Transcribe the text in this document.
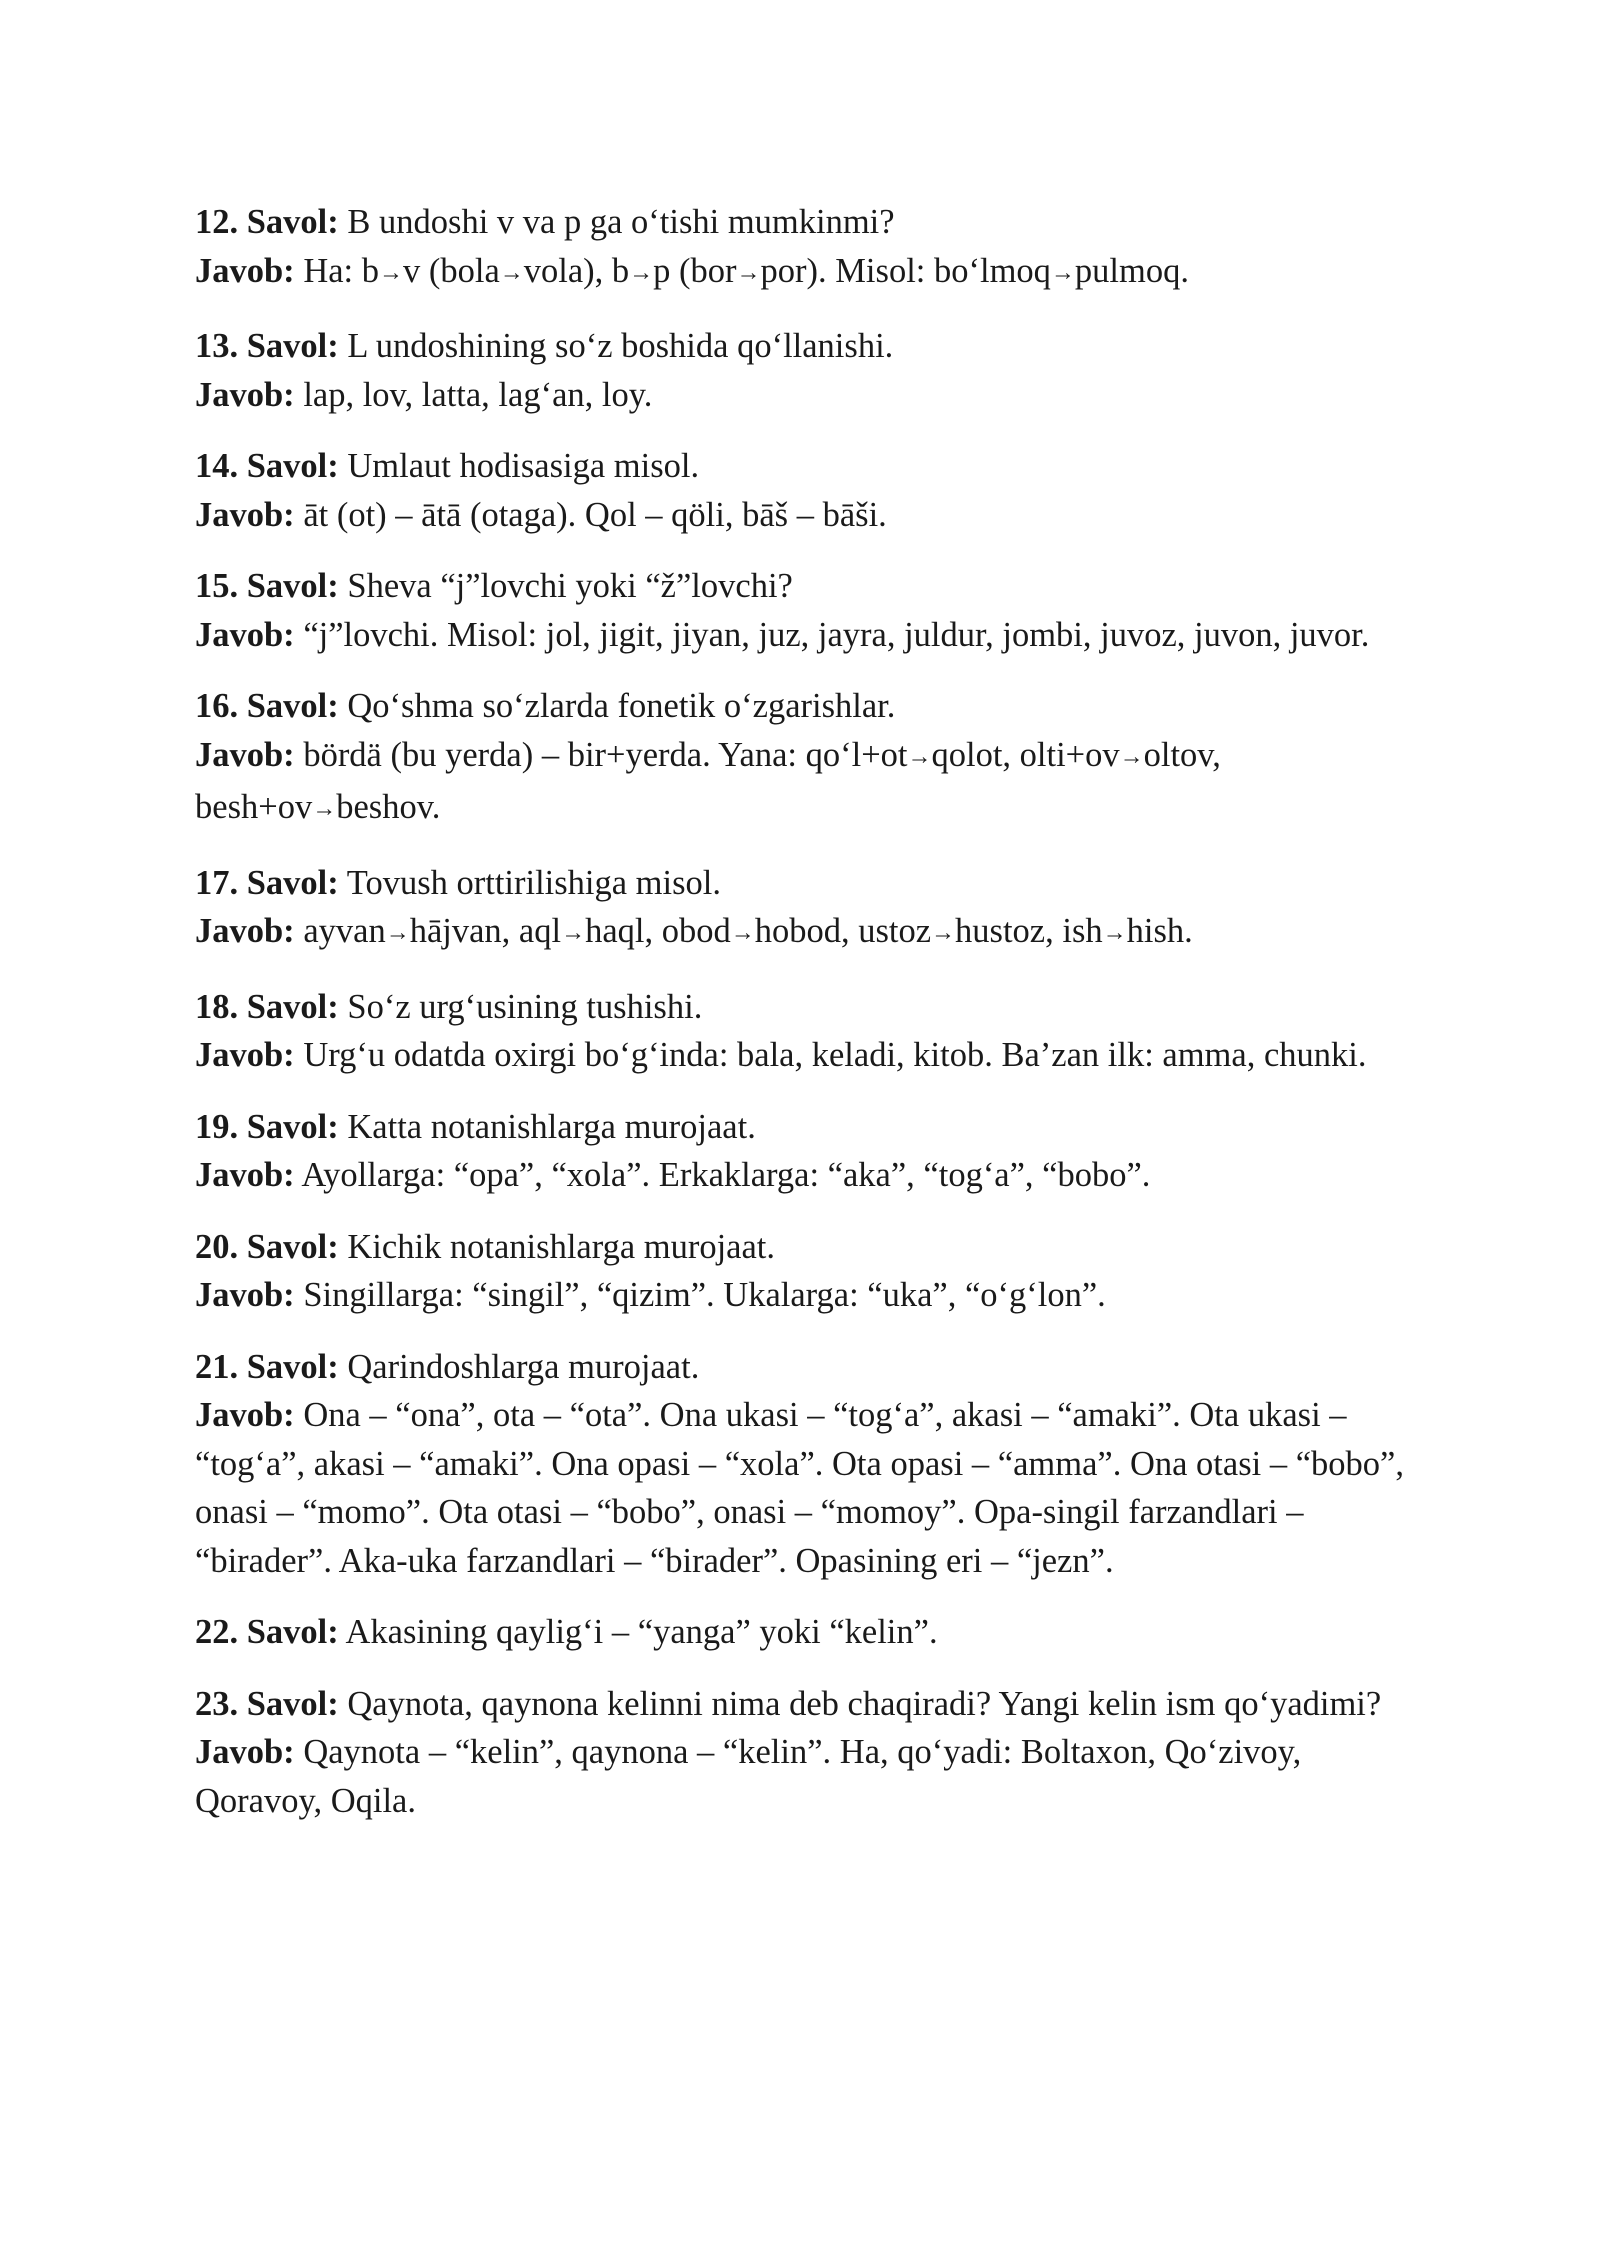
12. Savol: B undoshi v va p ga o‘tishi mumkinmi?
Javob: Ha: b→v (bola→vola), b→p (bor→por). Misol: bo‘lmoq→pulmoq.
13. Savol: L undoshining so‘z boshida qo‘llanishi.
Javob: lap, lov, latta, lag‘an, loy.
14. Savol: Umlaut hodisasiga misol.
Javob: āt (ot) – ātā (otaga). Qol – qöli, bāš – bāši.
15. Savol: Sheva “j”lovchi yoki “ž”lovchi?
Javob: “j”lovchi. Misol: jol, jigit, jiyan, juz, jayra, juldur, jombi, juvoz, juvon, juvor.
16. Savol: Qo‘shma so‘zlarda fonetik o‘zgarishlar.
Javob: bördä (bu yerda) – bir+yerda. Yana: qo‘l+ot→qolot, olti+ov→oltov, besh+ov→beshov.
17. Savol: Tovush orttirilishiga misol.
Javob: ayvan→hājvan, aql→haql, obod→hobod, ustoz→hustoz, ish→hish.
18. Savol: So‘z urg‘usining tushishi.
Javob: Urg‘u odatda oxirgi bo‘g‘inda: bala, keladi, kitob. Ba’zan ilk: amma, chunki.
19. Savol: Katta notanishlarga murojaat.
Javob: Ayollarga: “opa”, “xola”. Erkaklarga: “aka”, “tog‘a”, “bobo”.
20. Savol: Kichik notanishlarga murojaat.
Javob: Singillarga: “singil”, “qizim”. Ukalarga: “uka”, “o‘g‘lon”.
21. Savol: Qarindoshlarga murojaat.
Javob: Ona – “ona”, ota – “ota”. Ona ukasi – “tog‘a”, akasi – “amaki”. Ota ukasi – “tog‘a”, akasi – “amaki”. Ona opasi – “xola”. Ota opasi – “amma”. Ona otasi – “bobo”, onasi – “momo”. Ota otasi – “bobo”, onasi – “momoy”. Opa-singil farzandlari – “birader”. Aka-uka farzandlari – “birader”. Opasining eri – “jezn”.
22. Savol: Akasining qaylig‘i – “yanga” yoki “kelin”.
23. Savol: Qaynota, qaynona kelinni nima deb chaqiradi? Yangi kelin ism qo‘yadimi?
Javob: Qaynota – “kelin”, qaynona – “kelin”. Ha, qo‘yadi: Boltaxon, Qo‘zivoy, Qoravoy, Oqila.
